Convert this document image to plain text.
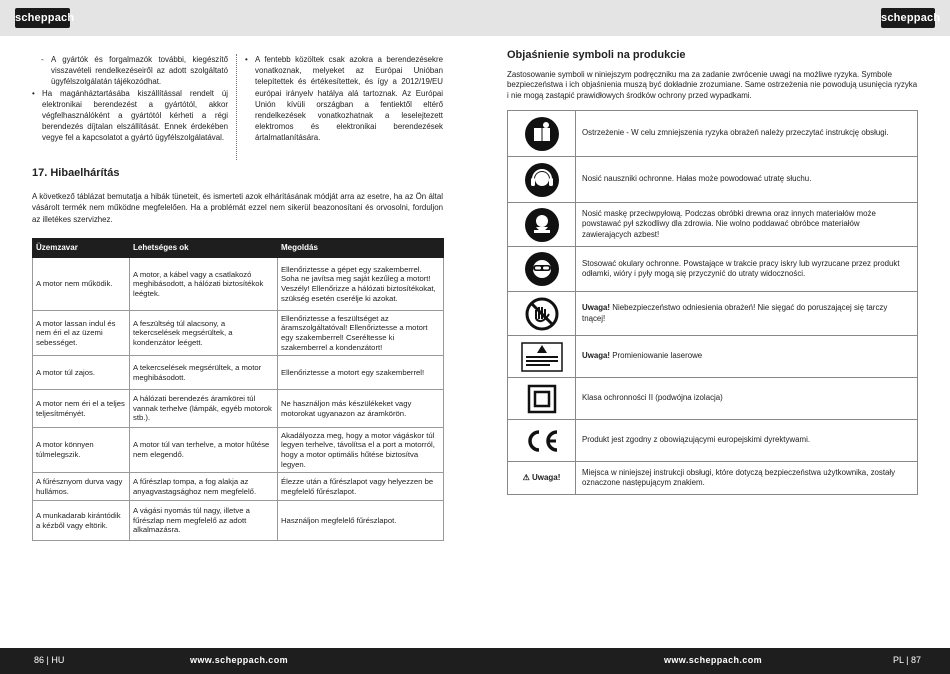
scheppach	scheppach

- A gyártók és forgalmazók további, kiegészítő visszavételi rendelkezéseiről az adott szolgáltató ügyfélszolgálatán tájékozódhat.

• Ha magánháztartásába kiszállítással rendelt új elektronikai berendezést a gyártótól, akkor végfelhasználóként a gyártótól kérheti a régi berendezés díjtalan elszállítását. Ennek érdekében vegye fel a kapcsolatot a gyártó ügyfélszolgálatával.

• A fentebb közöltek csak azokra a berendezésekre vonatkoznak, melyeket az Európai Unióban telepítettek és értékesítettek, és így a 2012/19/EU európai irányelv hatálya alá tartoznak. Az Európai Unión kívüli országban a fentiektől eltérő rendelkezések vonatkozhatnak a leselejtezett elektromos és elektronikai berendezések ártalmatlanítására.

17. Hibaelhárítás
A következő táblázat bemutatja a hibák tüneteit, és ismerteti azok elhárításának módját arra az esetre, ha az Ön által vásárolt termék nem működne megfelelően. Ha a problémát ezzel nem sikerül beazonosítani és orvosolni, forduljon az illetékes szervizhez.
Üzemzavar	Lehetséges ok	Megoldás
A motor nem működik.	A motor, a kábel vagy a csatlakozó meghibásodott, a hálózati biztosítékok leégtek.	Ellenőriztesse a gépet egy szakemberrel. Soha ne javítsa meg saját kezűleg a motort! Veszély! Ellenőrizze a hálózati biztosítékokat, szükség esetén cserélje ki azokat.
A motor lassan indul és nem éri el az üzemi sebességet.	A feszültség túl alacsony, a tekercselések megsérültek, a kondenzátor leégett.	Ellenőriztesse a feszültséget az áramszolgáltatóval! Ellenőriztesse a motort egy szakemberrel! Cseréltesse ki szakemberrel a kondenzátort!
A motor túl zajos.	A tekercselések megsérültek, a motor meghibásodott.	Ellenőriztesse a motort egy szakemberrel!
A motor nem éri el a teljes teljesítményét.	A hálózati berendezés áramkörei túl vannak terhelve (lámpák, egyéb motorok stb.).	Ne használjon más készülékeket vagy motorokat ugyanazon az áramkörön.
A motor könnyen túlmelegszik.	A motor túl van terhelve, a motor hűtése nem elegendő.	Akadályozza meg, hogy a motor vágáskor túl legyen terhelve, távolítsa el a port a motorról, hogy a motor optimális hűtése biztosítva legyen.
A fűrésznyom durva vagy hullámos.	A fűrészlap tompa, a fog alakja az anyagvastagsághoz nem megfelelő.	Élezze után a fűrészlapot vagy helyezzen be megfelelő fűrészlapot.
A munkadarab kirántódik a kézből vagy eltörik.	A vágási nyomás túl nagy, illetve a fűrészlap nem megfelelő az adott alkalmazásra.	Használjon megfelelő fűrészlapot.
Objaśnienie symboli na produkcie
Zastosowanie symboli w niniejszym podręczniku ma za zadanie zwrócenie uwagi na możliwe ryzyka. Symbole bezpieczeństwa i ich objaśnienia muszą być dokładnie zrozumiane. Same ostrzeżenia nie powodują usunięcia ryzyka i nie mogą zastąpić prawidłowych środków ochrony przed wypadkami.
	Ostrzeżenie - W celu zmniejszenia ryzyka obrażeń należy przeczytać instrukcję obsługi.

	Nosić nauszniki ochronne. Hałas może powodować utratę słuchu.

	Nosić maskę przeciwpyłową. Podczas obróbki drewna oraz innych materiałów może powstawać pył szkodliwy dla zdrowia. Nie wolno poddawać obróbce materiałów zawierających azbest!

	Stosować okulary ochronne. Powstające w trakcie pracy iskry lub wyrzucane przez produkt odłamki, wióry i pyły mogą się przyczynić do utraty widoczności.

	Uwaga! Niebezpieczeństwo odniesienia obrażeń! Nie sięgać do poruszającej się tarczy tnącej!

	Uwaga! Promieniowanie laserowe

	Klasa ochronności II (podwójna izolacja)

	Produkt jest zgodny z obowiązującymi europejskimi dyrektywami.
⚠ Uwaga!	Miejsca w niniejszej instrukcji obsługi, które dotyczą bezpieczeństwa użytkownika, zostały oznaczone następującym znakiem.
86 | HU	www.scheppach.com	www.scheppach.com	PL | 87
